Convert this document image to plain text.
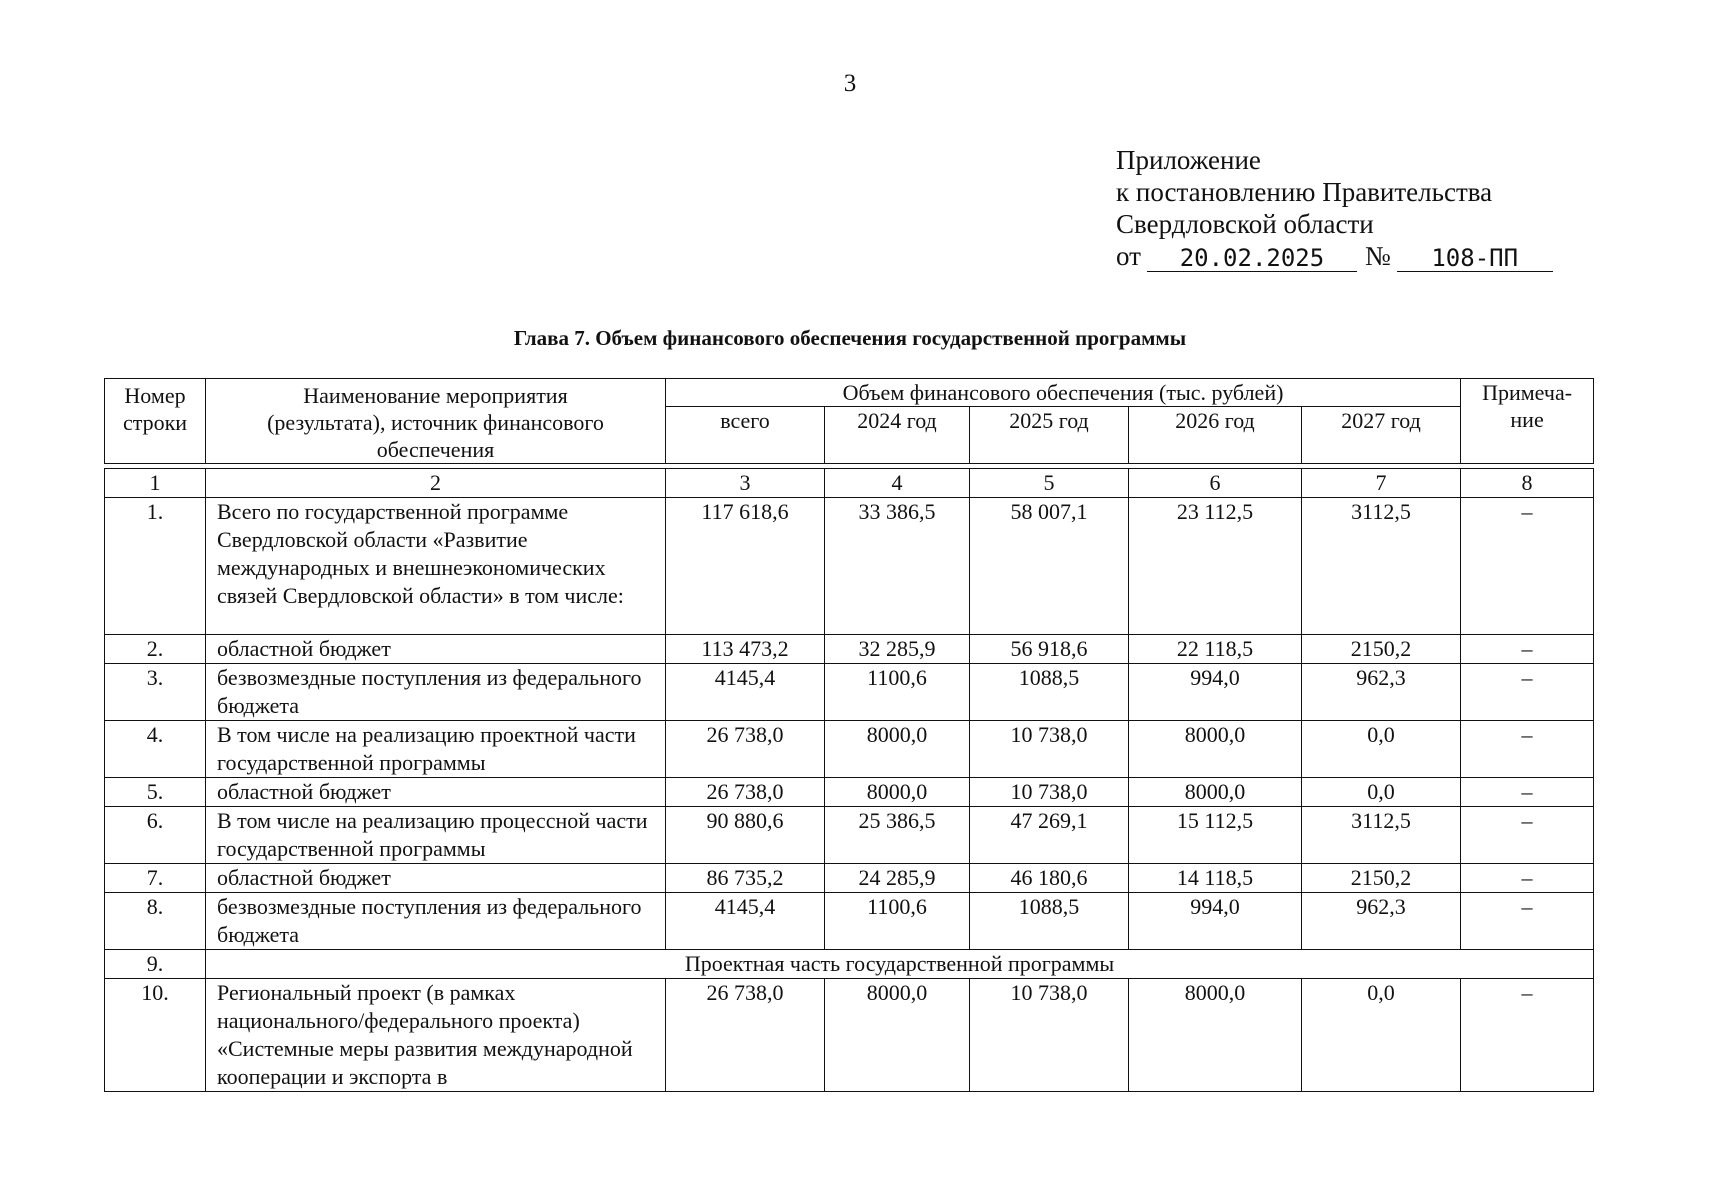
3
Приложение
к постановлению Правительства
Свердловской области
от	20.02.2025	№	108-ПП
Глава 7. Объем финансового обеспечения государственной программы
Номер строки	Наименование мероприятия (результата), источник финансового обеспечения	Объем финансового обеспечения (тыс. рублей)					Примеча-ние

		всего	2024 год	2025 год	2026 год	2027 год	
1	2	3	4	5	6	7	8
1.	Всего по государственной программе Свердловской области «Развитие международных и внешнеэкономических связей Свердловской области» в том числе:	117 618,6	33 386,5	58 007,1	23 112,5	3112,5	–
2.	областной бюджет	113 473,2	32 285,9	56 918,6	22 118,5	2150,2	–
3.	безвозмездные поступления из федерального бюджета	4145,4	1100,6	1088,5	994,0	962,3	–
4.	В том числе на реализацию проектной части государственной программы	26 738,0	8000,0	10 738,0	8000,0	0,0	–
5.	областной бюджет	26 738,0	8000,0	10 738,0	8000,0	0,0	–
6.	В том числе на реализацию процессной части государственной программы	90 880,6	25 386,5	47 269,1	15 112,5	3112,5	–
7.	областной бюджет	86 735,2	24 285,9	46 180,6	14 118,5	2150,2	–
8.	безвозмездные поступления из федерального бюджета	4145,4	1100,6	1088,5	994,0	962,3	–
9.	Проектная часть государственной программы						
10.	Региональный проект (в рамках национального/федерального проекта) «Системные меры развития международной кооперации и экспорта в	26 738,0	8000,0	10 738,0	8000,0	0,0	–
